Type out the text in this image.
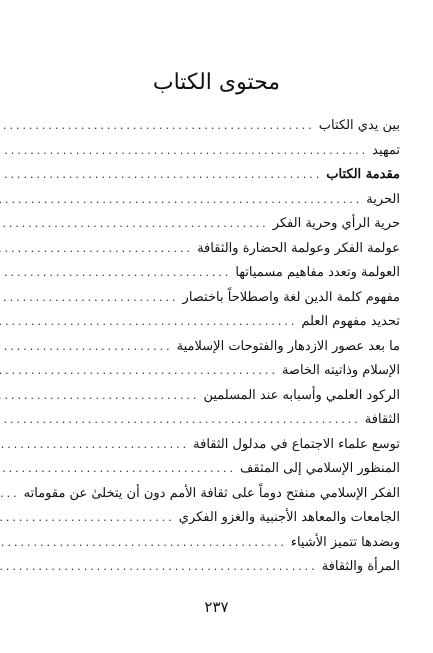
محتوى الكتاب
بين يدي الكتاب
.....
تمهيد
.....
مقدمة الكتاب
.....
الحرية
.....
حرية الرأي وحرية الفكر
.....
عولمة الفكر وعولمة الحضارة والثقافة
.....
العولمة وتعدد مفاهيم مسمياتها
.....
مفهوم كلمة الدين لغة واصطلاحاً باختصار
.....
تحديد مفهوم العلم
.....
ما بعد عصور الازدهار والفتوحات الإسلامية
.....
الإسلام وذاتيته الخاصة
.....
الركود العلمي وأسبابه عند المسلمين
.....
الثقافة
.....
توسع علماء الاجتماع في مدلول الثقافة
.....
المنظور الإسلامي إلى المثقف
.....
الفكر الإسلامي منفتح دوماً على ثقافة الأمم دون أن يتخلىٰ عن مقوماته
.....
الجامعات والمعاهد الأجنبية والغزو الفكري
.....
وبضدها تتميز الأشياء
.....
المرأة والثقافة
.....
٢٣٧
